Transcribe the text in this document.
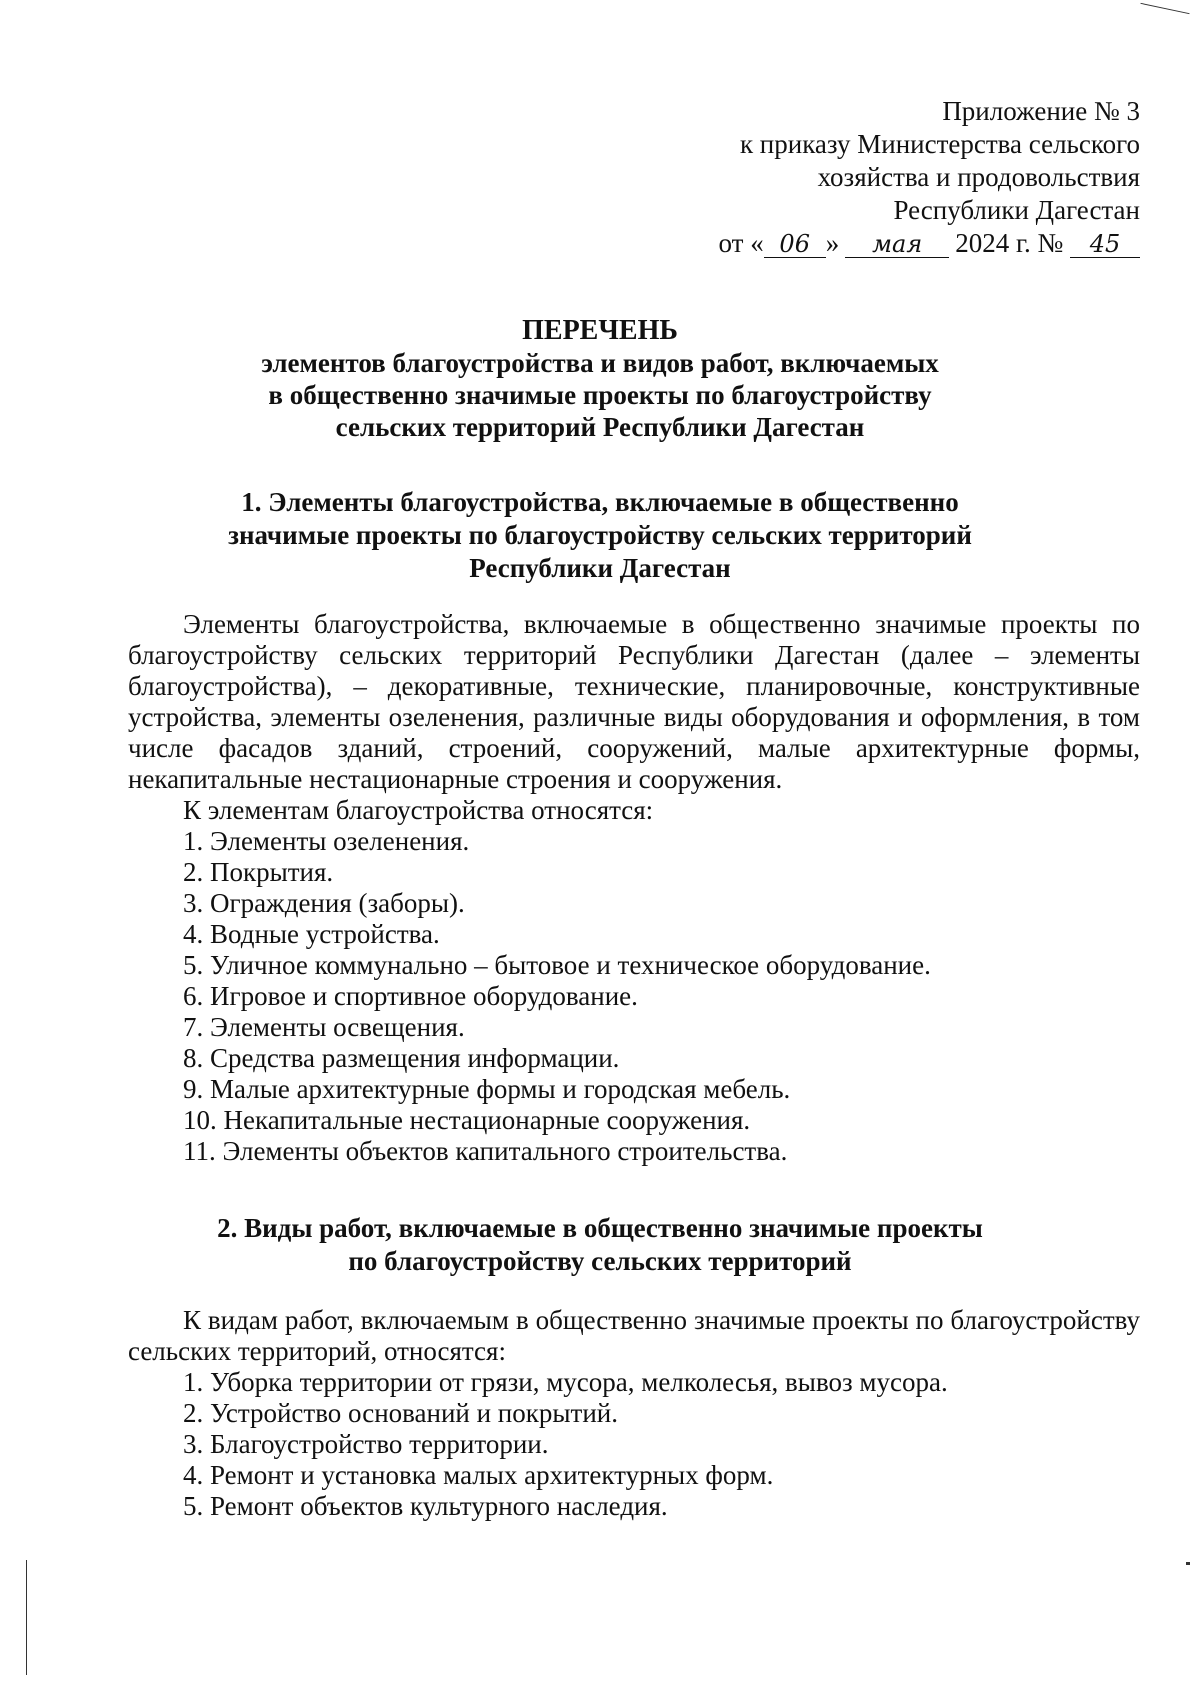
Приложение № 3
к приказу Министерства сельского
хозяйства и продовольствия
Республики Дагестан
от « 06 » мая 2024 г. № 45
ПЕРЕЧЕНЬ
элементов благоустройства и видов работ, включаемых
в общественно значимые проекты по благоустройству
сельских территорий Республики Дагестан
1. Элементы благоустройства, включаемые в общественно
значимые проекты по благоустройству сельских территорий
Республики Дагестан

Элементы благоустройства, включаемые в общественно значимые проекты по благоустройству сельских территорий Республики Дагестан (далее – элементы благоустройства), – декоративные, технические, планировочные, конструктивные устройства, элементы озеленения, различные виды оборудования и оформления, в том числе фасадов зданий, строений, сооружений, малые архитектурные формы, некапитальные нестационарные строения и сооружения.

К элементам благоустройства относятся:

1. Элементы озеленения.
2. Покрытия.
3. Ограждения (заборы).
4. Водные устройства.
5. Уличное коммунально – бытовое и техническое оборудование.
6. Игровое и спортивное оборудование.
7. Элементы освещения.
8. Средства размещения информации.
9. Малые архитектурные формы и городская мебель.
10. Некапитальные нестационарные сооружения.
11. Элементы объектов капитального строительства.
2. Виды работ, включаемые в общественно значимые проекты
по благоустройству сельских территорий

К видам работ, включаемым в общественно значимые проекты по благоустройству сельских территорий, относятся:

1. Уборка территории от грязи, мусора, мелколесья, вывоз мусора.
2. Устройство оснований и покрытий.
3. Благоустройство территории.
4. Ремонт и установка малых архитектурных форм.
5. Ремонт объектов культурного наследия.
